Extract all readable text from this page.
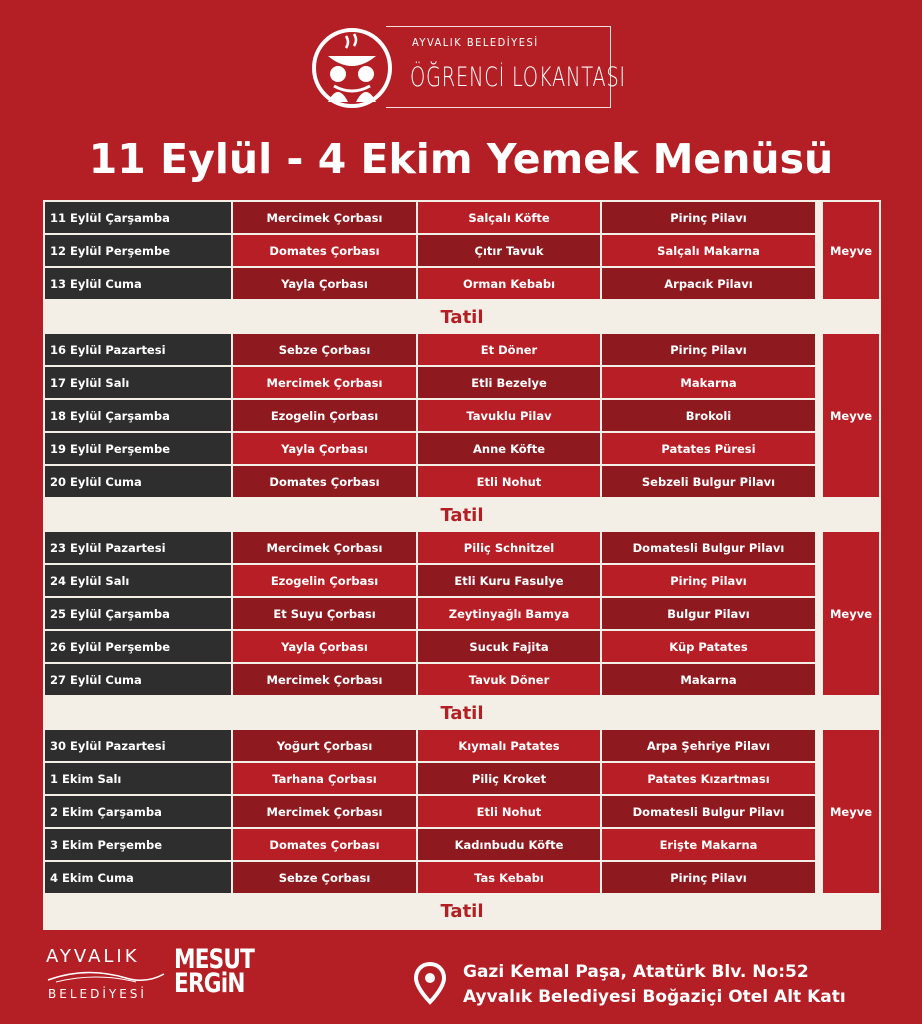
AYVALIK BELEDİYESİ
ÖĞRENCİ LOKANTASI
11 Eylül - 4 Ekim Yemek Menüsü
11 Eylül Çarşamba	Mercimek Çorbası	Salçalı Köfte	Pirinç Pilavı
12 Eylül Perşembe	Domates Çorbası	Çıtır Tavuk	Salçalı Makarna
13 Eylül Cuma	Yayla Çorbası	Orman Kebabı	Arpacık Pilavı
Meyve
Tatil
16 Eylül Pazartesi	Sebze Çorbası	Et Döner	Pirinç Pilavı
17 Eylül Salı	Mercimek Çorbası	Etli Bezelye	Makarna
18 Eylül Çarşamba	Ezogelin Çorbası	Tavuklu Pilav	Brokoli
19 Eylül Perşembe	Yayla Çorbası	Anne Köfte	Patates Püresi
20 Eylül Cuma	Domates Çorbası	Etli Nohut	Sebzeli Bulgur Pilavı
Meyve
Tatil
23 Eylül Pazartesi	Mercimek Çorbası	Piliç Schnitzel	Domatesli Bulgur Pilavı
24 Eylül Salı	Ezogelin Çorbası	Etli Kuru Fasulye	Pirinç Pilavı
25 Eylül Çarşamba	Et Suyu Çorbası	Zeytinyağlı Bamya	Bulgur Pilavı
26 Eylül Perşembe	Yayla Çorbası	Sucuk Fajita	Küp Patates
27 Eylül Cuma	Mercimek Çorbası	Tavuk Döner	Makarna
Meyve
Tatil
30 Eylül Pazartesi	Yoğurt Çorbası	Kıymalı Patates	Arpa Şehriye Pilavı
1 Ekim Salı	Tarhana Çorbası	Piliç Kroket	Patates Kızartması
2 Ekim Çarşamba	Mercimek Çorbası	Etli Nohut	Domatesli Bulgur Pilavı
3 Ekim Perşembe	Domates Çorbası	Kadınbudu Köfte	Erişte Makarna
4 Ekim Cuma	Sebze Çorbası	Tas Kebabı	Pirinç Pilavı
Meyve
Tatil
AYVALIK
BELEDİYESİ
MESUT
ERGiN	Gazi Kemal Paşa, Atatürk Blv. No:52
Ayvalık Belediyesi Boğaziçi Otel Alt Katı
